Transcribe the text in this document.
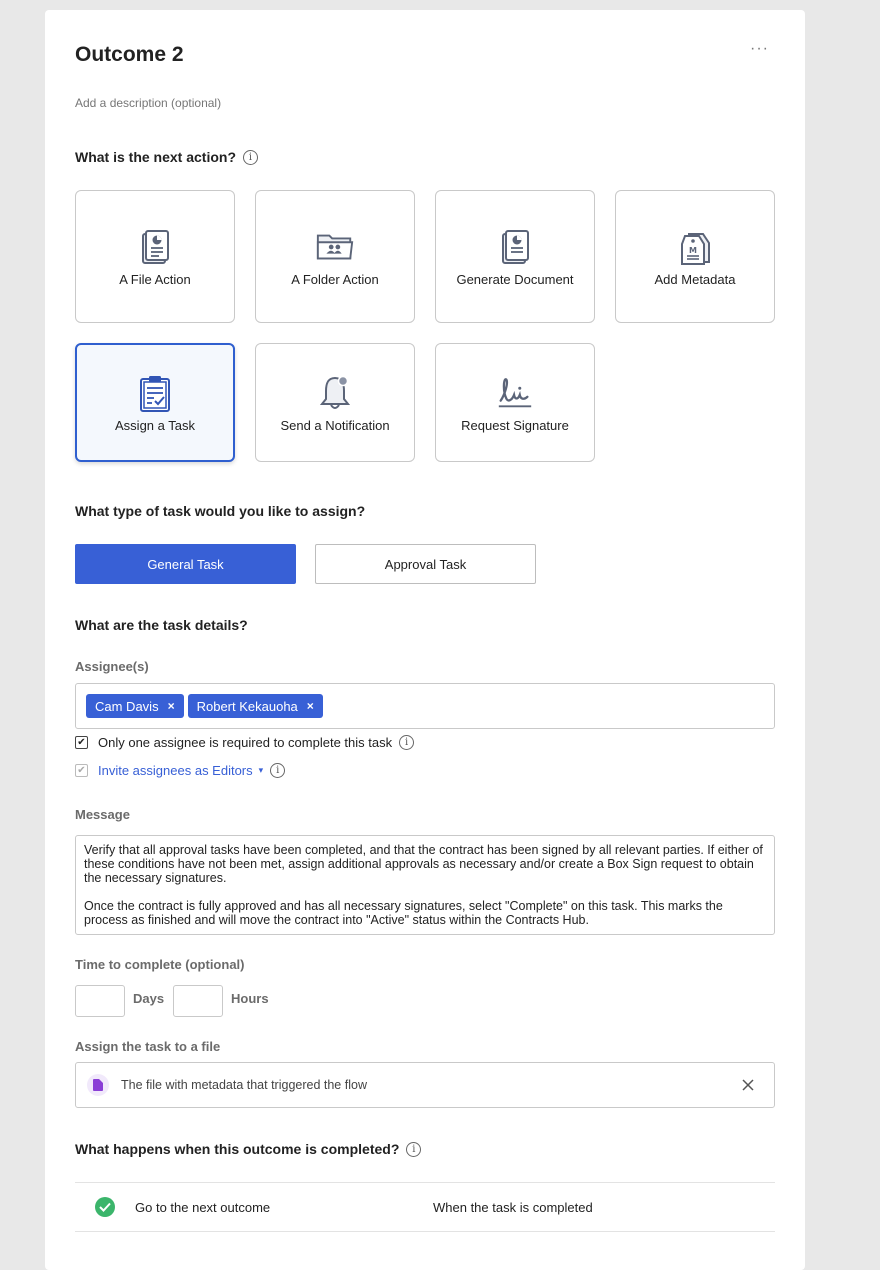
Outcome 2	···
Add a description (optional)
What is the next action?	i
A File Action	A Folder Action	Generate Document
M
Add Metadata
Assign a Task	Send a Notification	Request Signature
What type of task would you like to assign?
General Task	Approval Task
What are the task details?
Assignee(s)
Cam Davis × Robert Kekauoha ×
✔ Only one assignee is required to complete this task	i
✔ Invite assignees as Editors ▾	i
Message

Verify that all approval tasks have been completed, and that the contract has been signed by all relevant parties. If either of these conditions have not been met, assign additional approvals as necessary and/or create a Box Sign request to obtain the necessary signatures.

Once the contract is fully approved and has all necessary signatures, select "Complete" on this task. This marks the process as finished and will move the contract into "Active" status within the Contracts Hub.

Time to complete (optional)
Days	Hours
Assign the task to a file
The file with metadata that triggered the flow
What happens when this outcome is completed?	i
Go to the next outcome	When the task is completed
